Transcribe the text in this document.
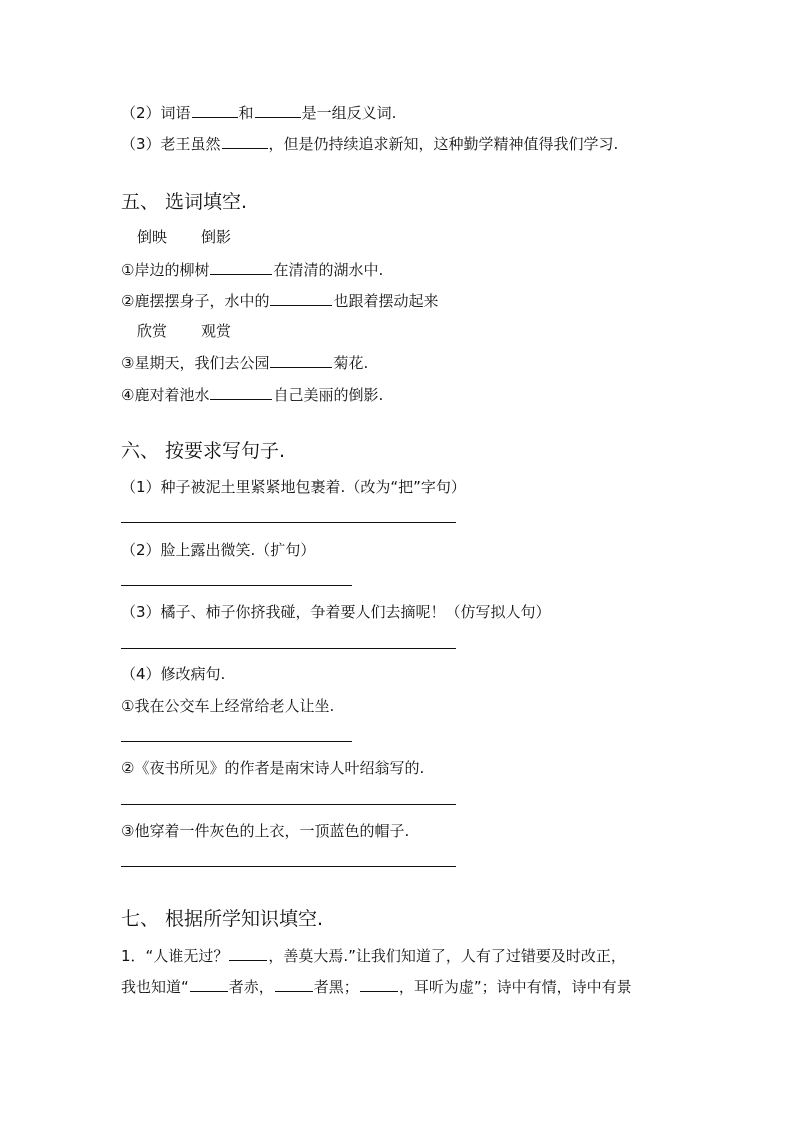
（2）词语	和	是一组反义词.
（3）老王虽然	，但是仍持续追求新知，这种勤学精神值得我们学习.
五、 选词填空.
倒映 倒影
①岸边的柳树	在清清的湖水中.
②鹿摆摆身子，水中的	也跟着摆动起来
欣赏 观赏
③星期天，我们去公园	菊花.
④鹿对着池水	自己美丽的倒影.
六、 按要求写句子.
（1）种子被泥土里紧紧地包裹着.（改为“把”字句）
（2）脸上露出微笑.（扩句）
（3）橘子、柿子你挤我碰，争着要人们去摘呢！（仿写拟人句）
（4）修改病句.
①我在公交车上经常给老人让坐.
②《夜书所见》的作者是南宋诗人叶绍翁写的.
③他穿着一件灰色的上衣，一顶蓝色的帽子.
七、 根据所学知识填空.
1．“人谁无过？	，善莫大焉.”让我们知道了，人有了过错要及时改正，
我也知道“	者赤，	者黑；	，耳听为虚”；诗中有情，诗中有景
